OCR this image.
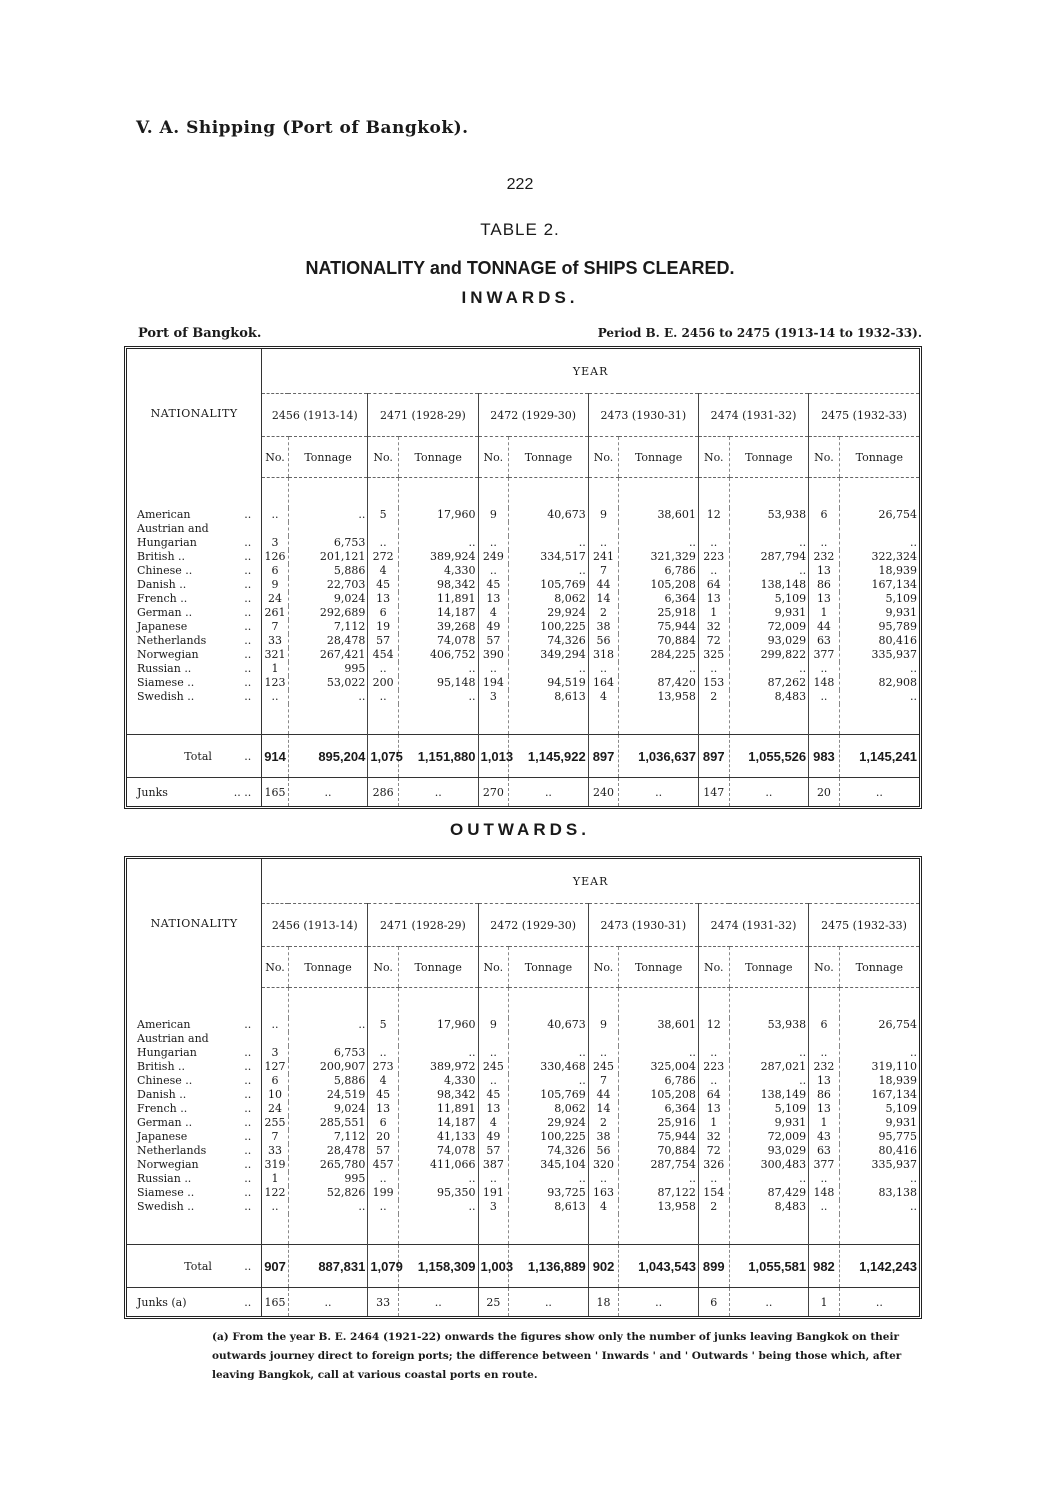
V. A. Shipping (Port of Bangkok).
222
TABLE 2.
NATIONALITY and TONNAGE of SHIPS CLEARED.
INWARDS.
Port of Bangkok.	Period B. E. 2456 to 2475 (1913-14 to 1932-33).
NATIONALITY	YEAR											
	2456 (1913-14)		2471 (1928-29)		2472 (1929-30)		2473 (1930-31)		2474 (1931-32)		2475 (1932-33)	
	No.	Tonnage	No.	Tonnage	No.	Tonnage	No.	Tonnage	No.	Tonnage	No.	Tonnage

American ..	..	..	5	17,960	9	40,673	9	38,601	12	53,938	6	26,754
Austrian and

Hungarian ..	3	6,753	..	..	..	..	..	..	..	..	..	..
British .. ..	126	201,121	272	389,924	249	334,517	241	321,329	223	287,794	232	322,324
Chinese .. ..	6	5,886	4	4,330	..	..	7	6,786	..	..	13	18,939
Danish .. ..	9	22,703	45	98,342	45	105,769	44	105,208	64	138,148	86	167,134
French .. ..	24	9,024	13	11,891	13	8,062	14	6,364	13	5,109	13	5,109
German .. ..	261	292,689	6	14,187	4	29,924	2	25,918	1	9,931	1	9,931
Japanese ..	7	7,112	19	39,268	49	100,225	38	75,944	32	72,009	44	95,789
Netherlands ..	33	28,478	57	74,078	57	74,326	56	70,884	72	93,029	63	80,416
Norwegian ..	321	267,421	454	406,752	390	349,294	318	284,225	325	299,822	377	335,937
Russian .. ..	1	995	..	..	..	..	..	..	..	..	..	..
Siamese .. ..	123	53,022	200	95,148	194	94,519	164	87,420	153	87,262	148	82,908
Swedish .. ..	..	..	..	..	3	8,613	4	13,958	2	8,483	..	..

Total ..	914	895,204	1,075	1,151,880	1,013	1,145,922	897	1,036,637	897	1,055,526	983	1,145,241
Junks .. ..	165	..	286	..	270	..	240	..	147	..	20	..
OUTWARDS.
NATIONALITY	YEAR											
	2456 (1913-14)		2471 (1928-29)		2472 (1929-30)		2473 (1930-31)		2474 (1931-32)		2475 (1932-33)	
	No.	Tonnage	No.	Tonnage	No.	Tonnage	No.	Tonnage	No.	Tonnage	No.	Tonnage

American ..	..	..	5	17,960	9	40,673	9	38,601	12	53,938	6	26,754
Austrian and

Hungarian ..	3	6,753	..	..	..	..	..	..	..	..	..	..
British .. ..	127	200,907	273	389,972	245	330,468	245	325,004	223	287,021	232	319,110
Chinese .. ..	6	5,886	4	4,330	..	..	7	6,786	..	..	13	18,939
Danish .. ..	10	24,519	45	98,342	45	105,769	44	105,208	64	138,149	86	167,134
French .. ..	24	9,024	13	11,891	13	8,062	14	6,364	13	5,109	13	5,109
German .. ..	255	285,551	6	14,187	4	29,924	2	25,916	1	9,931	1	9,931
Japanese ..	7	7,112	20	41,133	49	100,225	38	75,944	32	72,009	43	95,775
Netherlands ..	33	28,478	57	74,078	57	74,326	56	70,884	72	93,029	63	80,416
Norwegian ..	319	265,780	457	411,066	387	345,104	320	287,754	326	300,483	377	335,937
Russian .. ..	1	995	..	..	..	..	..	..	..	..	..	..
Siamese .. ..	122	52,826	199	95,350	191	93,725	163	87,122	154	87,429	148	83,138
Swedish .. ..	..	..	..	..	3	8,613	4	13,958	2	8,483	..	..

Total ..	907	887,831	1,079	1,158,309	1,003	1,136,889	902	1,043,543	899	1,055,581	982	1,142,243
Junks (a) ..	165	..	33	..	25	..	18	..	6	..	1	..
(a) From the year B. E. 2464 (1921-22) onwards the figures show only the number of junks leaving Bangkok on their outwards journey direct to foreign ports; the difference between ' Inwards ' and ' Outwards ' being those which, after leaving Bangkok, call at various coastal ports en route.
